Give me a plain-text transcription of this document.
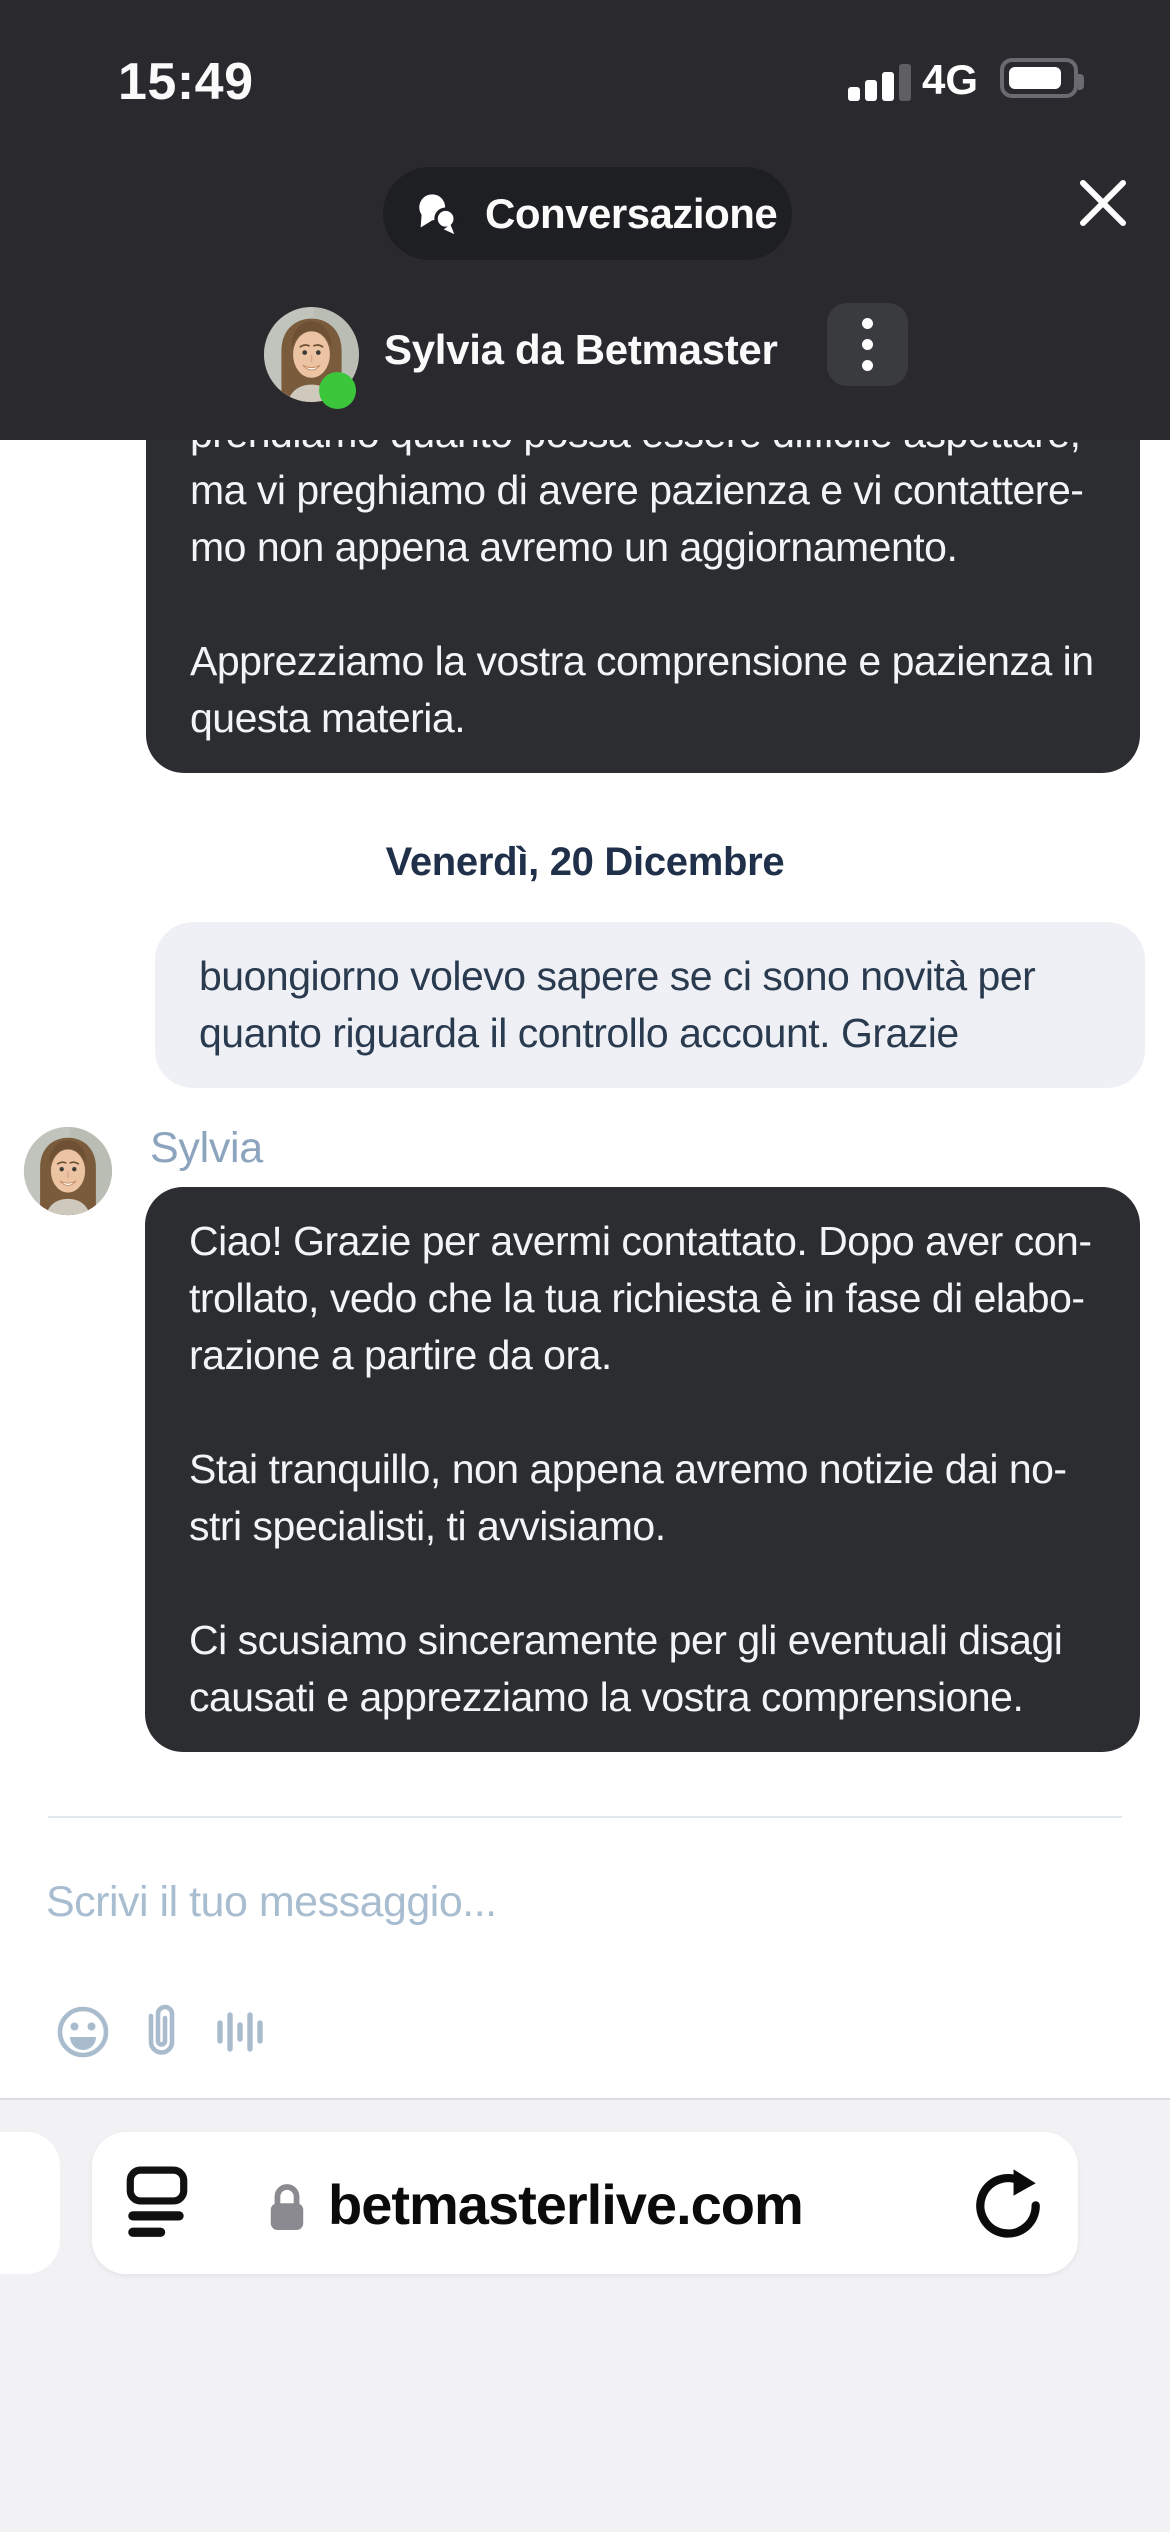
ma vi preghiamo di avere pazienza e vi contattere-
mo non appena avremo un aggiornamento.
Apprezziamo la vostra comprensione e pazienza in
questa materia.
Venerdì, 20 Dicembre
buongiorno volevo sapere se ci sono novità per
quanto riguarda il controllo account. Grazie
Sylvia
Ciao! Grazie per avermi contattato. Dopo aver con-
trollato, vedo che la tua richiesta è in fase di elabo-
razione a partire da ora.
Stai tranquillo, non appena avremo notizie dai no-
stri specialisti, ti avvisiamo.
Ci scusiamo sinceramente per gli eventuali disagi
causati e apprezziamo la vostra comprensione.
Scrivi il tuo messaggio...
15:49	4G
Conversazione
Sylvia da Betmaster
betmasterlive.com
